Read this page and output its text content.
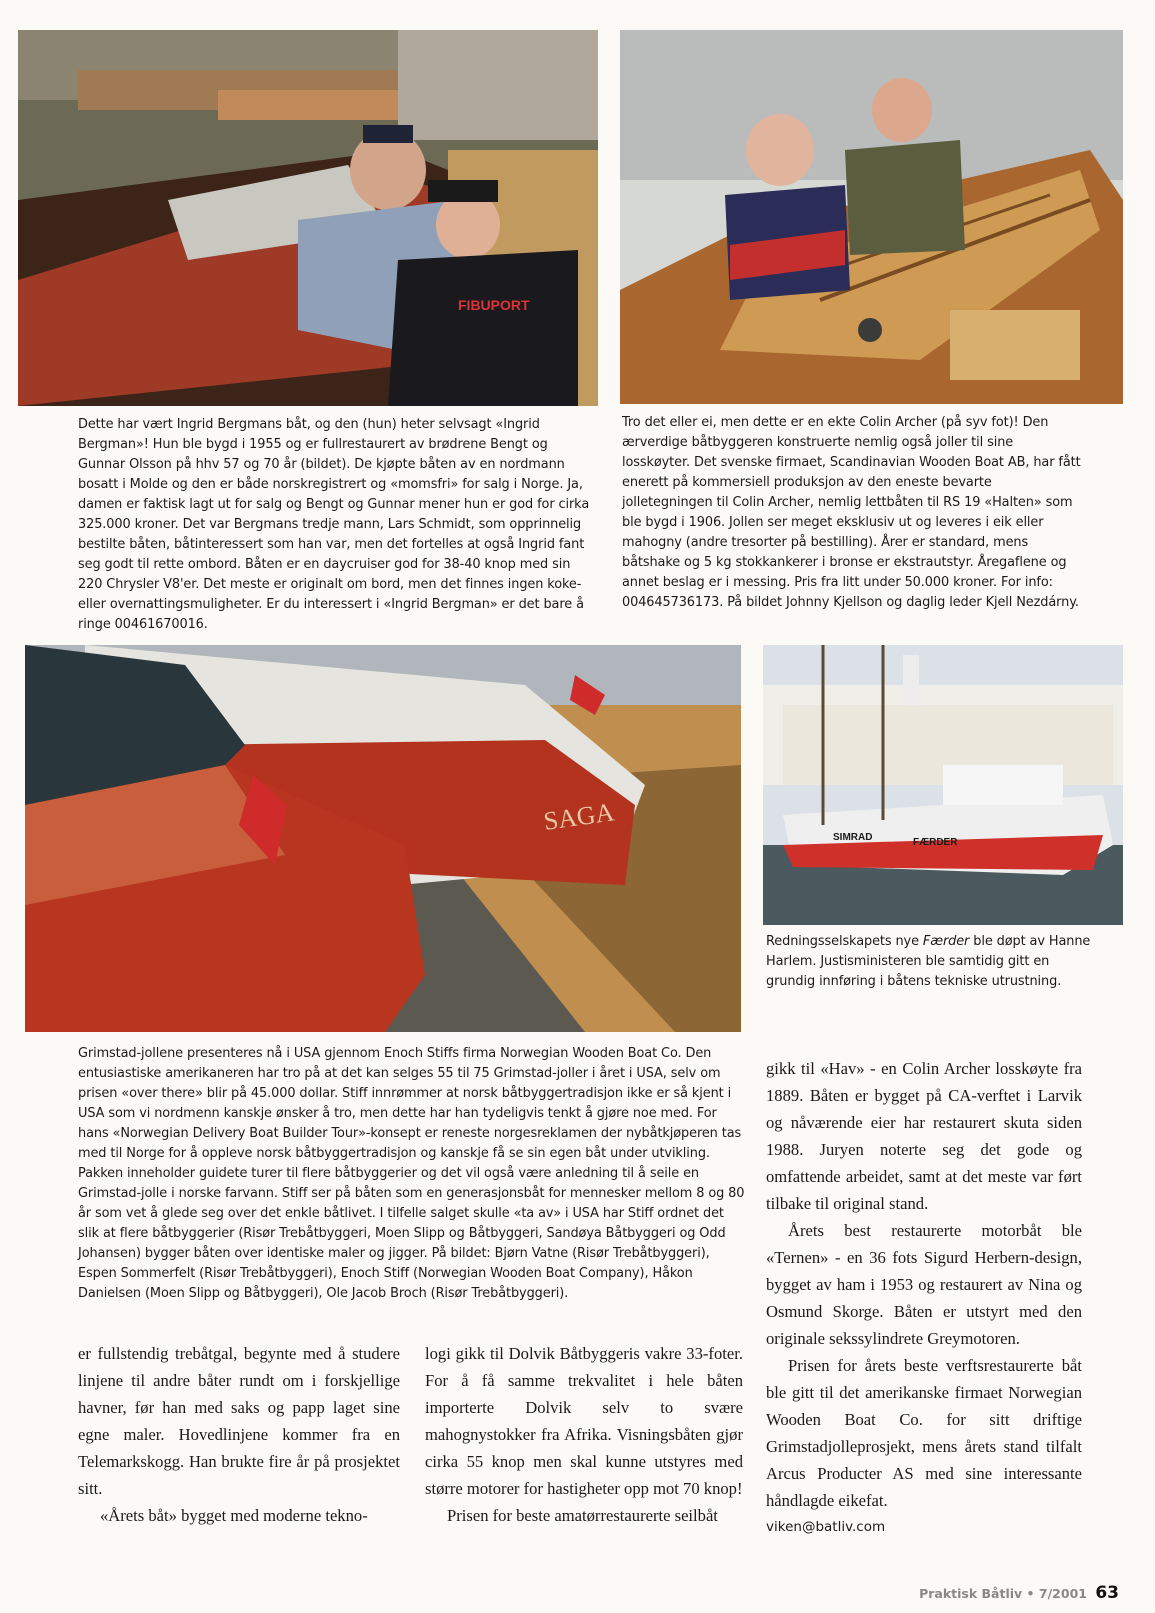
FIBUPORT

Dette har vært Ingrid Bergmans båt, og den (hun) heter selvsagt «Ingrid Bergman»! Hun ble bygd i 1955 og er fullrestaurert av brødrene Bengt og Gunnar Olsson på hhv 57 og 70 år (bildet). De kjøpte båten av en nordmann bosatt i Molde og den er både norskregistrert og «momsfri» for salg i Norge. Ja, damen er faktisk lagt ut for salg og Bengt og Gunnar mener hun er god for cirka 325.000 kroner. Det var Bergmans tredje mann, Lars Schmidt, som opprinnelig bestilte båten, båtinteressert som han var, men det fortelles at også Ingrid fant seg godt til rette ombord. Båten er en daycruiser god for 38-40 knop med sin 220 Chrysler V8'er. Det meste er originalt om bord, men det finnes ingen koke- eller overnattingsmuligheter. Er du interessert i «Ingrid Bergman» er det bare å ringe 00461670016.

Tro det eller ei, men dette er en ekte Colin Archer (på syv fot)! Den ærverdige båtbyggeren konstruerte nemlig også joller til sine losskøyter. Det svenske firmaet, Scandinavian Wooden Boat AB, har fått enerett på kommersiell produksjon av den eneste bevarte jolletegningen til Colin Archer, nemlig lettbåten til RS 19 «Halten» som ble bygd i 1906. Jollen ser meget eksklusiv ut og leveres i eik eller mahogny (andre tresorter på bestilling). Årer er standard, mens båtshake og 5 kg stokkankerer i bronse er ekstrautstyr. Åregaflene og annet beslag er i messing. Pris fra litt under 50.000 kroner. For info: 004645736173. På bildet Johnny Kjellson og daglig leder Kjell Nezdárny.

SAGA
SIMRAD	FÆRDER

Redningsselskapets nye Færder ble døpt av Hanne Harlem. Justisministeren ble samtidig gitt en grundig innføring i båtens tekniske utrustning.

Grimstad-jollene presenteres nå i USA gjennom Enoch Stiffs firma Norwegian Wooden Boat Co. Den entusiastiske amerikaneren har tro på at det kan selges 55 til 75 Grimstad-joller i året i USA, selv om prisen «over there» blir på 45.000 dollar. Stiff innrømmer at norsk båtbyggertradisjon ikke er så kjent i USA som vi nordmenn kanskje ønsker å tro, men dette har han tydeligvis tenkt å gjøre noe med. For hans «Norwegian Delivery Boat Builder Tour»-konsept er reneste norgesreklamen der nybåtkjøperen tas med til Norge for å oppleve norsk båtbyggertradisjon og kanskje få se sin egen båt under utvikling. Pakken inneholder guidete turer til flere båtbyggerier og det vil også være anledning til å seile en Grimstad-jolle i norske farvann. Stiff ser på båten som en generasjonsbåt for mennesker mellom 8 og 80 år som vet å glede seg over det enkle båtlivet. I tilfelle salget skulle «ta av» i USA har Stiff ordnet det slik at flere båtbyggerier (Risør Trebåtbyggeri, Moen Slipp og Båtbyggeri, Sandøya Båtbyggeri og Odd Johansen) bygger båten over identiske maler og jigger. På bildet: Bjørn Vatne (Risør Trebåtbyggeri), Espen Sommerfelt (Risør Trebåtbyggeri), Enoch Stiff (Norwegian Wooden Boat Company), Håkon Danielsen (Moen Slipp og Båtbyggeri), Ole Jacob Broch (Risør Trebåtbyggeri).

er fullstendig trebåtgal, begynte med å studere linjene til andre båter rundt om i forskjellige havner, før han med saks og papp laget sine egne maler. Hovedlinjene kommer fra en Telemarkskogg. Han brukte fire år på prosjektet sitt.

«Årets båt» bygget med moderne tekno-

logi gikk til Dolvik Båtbyggeris vakre 33-foter. For å få samme trekvalitet i hele båten importerte Dolvik selv to svære mahognystokker fra Afrika. Visningsbåten gjør cirka 55 knop men skal kunne utstyres med større motorer for hastigheter opp mot 70 knop!

Prisen for beste amatørrestaurerte seilbåt

gikk til «Hav» - en Colin Archer losskøyte fra 1889. Båten er bygget på CA-verftet i Larvik og nåværende eier har restaurert skuta siden 1988. Juryen noterte seg det gode og omfattende arbeidet, samt at det meste var ført tilbake til original stand.

Årets best restaurerte motorbåt ble «Ternen» - en 36 fots Sigurd Herbern-design, bygget av ham i 1953 og restaurert av Nina og Osmund Skorge. Båten er utstyrt med den originale sekssylindrete Greymotoren.

Prisen for årets beste verftsrestaurerte båt ble gitt til det amerikanske firmaet Norwegian Wooden Boat Co. for sitt driftige Grimstadjolleprosjekt, mens årets stand tilfalt Arcus Producter AS med sine interessante håndlagde eikefat.

viken@batliv.com

Praktisk Båtliv • 7/2001 63
